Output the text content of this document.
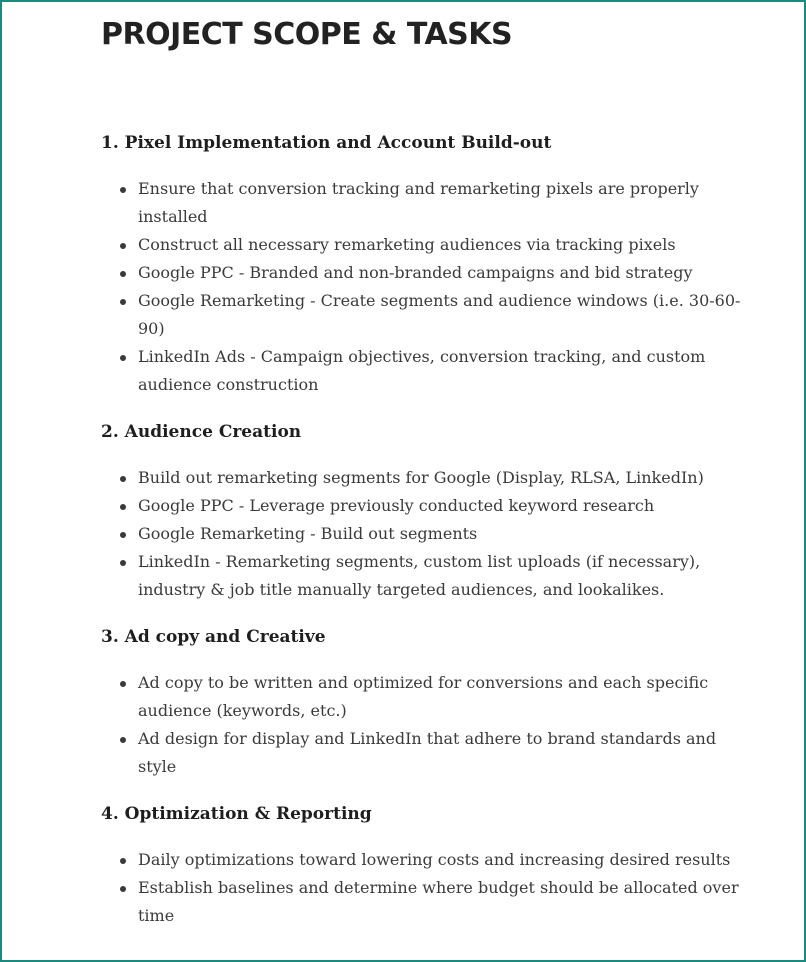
PROJECT SCOPE & TASKS
1. Pixel Implementation and Account Build-out
Ensure that conversion tracking and remarketing pixels are properly installed
Construct all necessary remarketing audiences via tracking pixels
Google PPC - Branded and non-branded campaigns and bid strategy
Google Remarketing - Create segments and audience windows (i.e. 30-60-90)
LinkedIn Ads - Campaign objectives, conversion tracking, and custom audience construction
2. Audience Creation
Build out remarketing segments for Google (Display, RLSA, LinkedIn)
Google PPC - Leverage previously conducted keyword research
Google Remarketing - Build out segments
LinkedIn - Remarketing segments, custom list uploads (if necessary), industry & job title manually targeted audiences, and lookalikes.
3. Ad copy and Creative
Ad copy to be written and optimized for conversions and each specific audience (keywords, etc.)
Ad design for display and LinkedIn that adhere to brand standards and style
4. Optimization & Reporting
Daily optimizations toward lowering costs and increasing desired results
Establish baselines and determine where budget should be allocated over time
